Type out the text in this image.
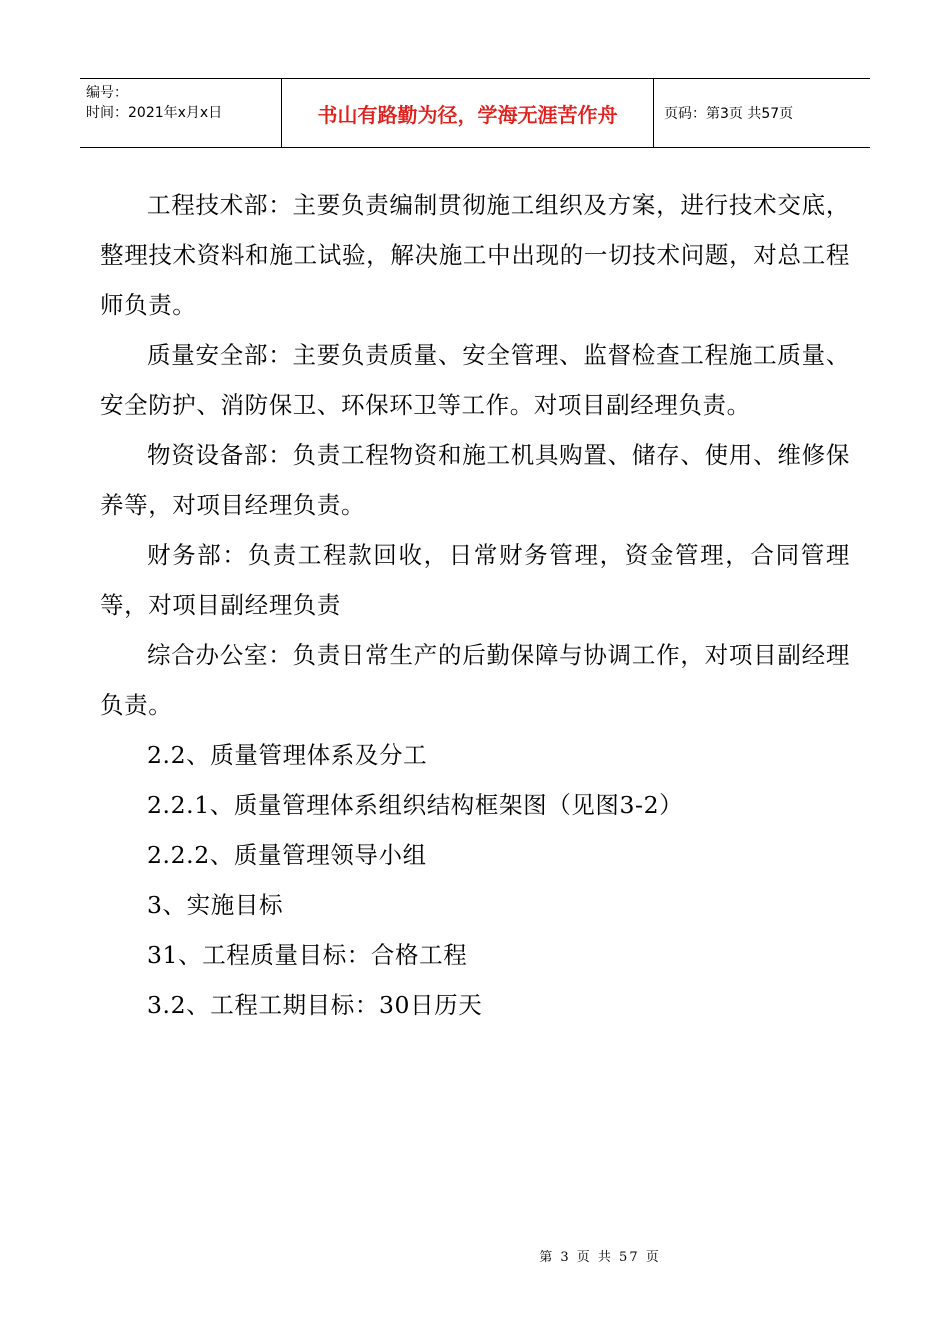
编号：
时间：2021年x月x日	书山有路勤为径，学海无涯苦作舟	页码：第3页 共57页

工程技术部：主要负责编制贯彻施工组织及方案，进行技术交底，整理技术资料和施工试验，解决施工中出现的一切技术问题，对总工程师负责。

质量安全部：主要负责质量、安全管理、监督检查工程施工质量、安全防护、消防保卫、环保环卫等工作。对项目副经理负责。

物资设备部：负责工程物资和施工机具购置、储存、使用、维修保养等，对项目经理负责。

财务部：负责工程款回收，日常财务管理，资金管理，合同管理等，对项目副经理负责

综合办公室：负责日常生产的后勤保障与协调工作，对项目副经理负责。

2.2、质量管理体系及分工

2.2.1、质量管理体系组织结构框架图（见图3-2）

2.2.2、质量管理领导小组

3、实施目标

31、工程质量目标：合格工程

3.2、工程工期目标：30日历天

第 3 页 共 57 页
